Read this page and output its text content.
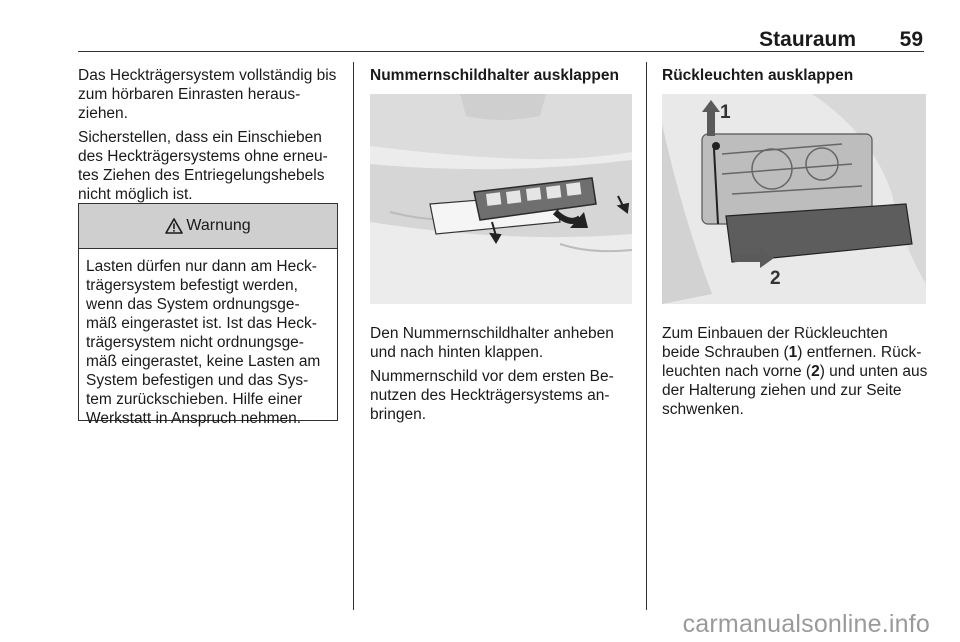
Stauraum 59

Das Heckträgersystem vollständig bis zum hörbaren Einrasten heraus-ziehen.

Sicherstellen, dass ein Einschieben des Heckträgersystems ohne erneu-tes Ziehen des Entriegelungshebels nicht möglich ist.

Warnung
Lasten dürfen nur dann am Heck-trägersystem befestigt werden, wenn das System ordnungsge-mäß eingerastet ist. Ist das Heck-trägersystem nicht ordnungsge-mäß eingerastet, keine Lasten am System befestigen und das Sys-tem zurückschieben. Hilfe einer Werkstatt in Anspruch nehmen.
Nummernschildhalter ausklappen

Den Nummernschildhalter anheben und nach hinten klappen.

Nummernschild vor dem ersten Be-nutzen des Heckträgersystems an-bringen.

Rückleuchten ausklappen
1
2

Zum Einbauen der Rückleuchten beide Schrauben (1) entfernen. Rück-leuchten nach vorne (2) und unten aus der Halterung ziehen und zur Seite schwenken.

carmanualsonline.info
